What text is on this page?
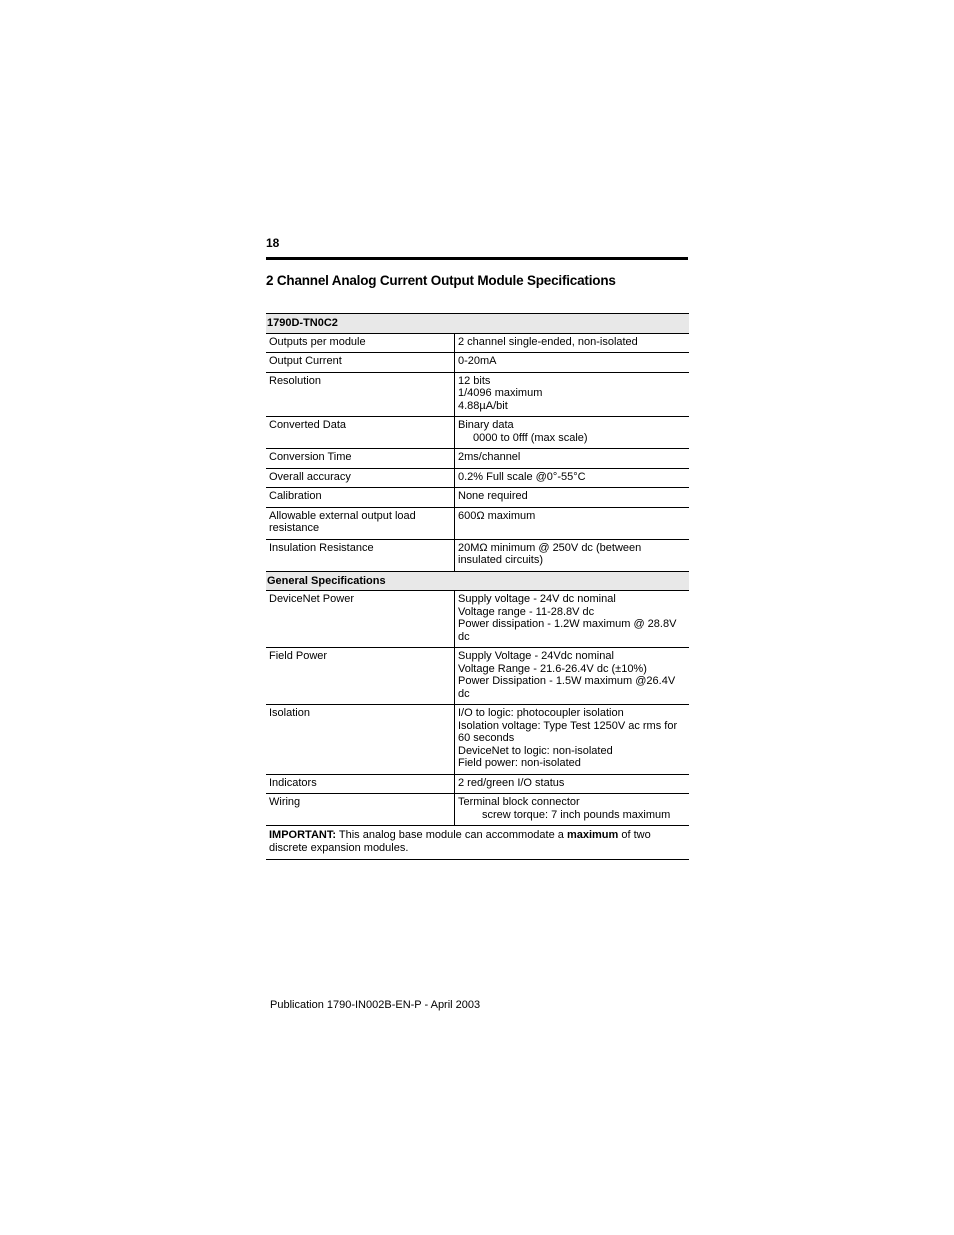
18
2 Channel Analog Current Output Module Specifications
1790D-TN0C2	
Outputs per module	2 channel single-ended, non-isolated

Output Current	0-20mA

Resolution	12 bits
1/4096 maximum
4.88µA/bit

Converted Data	Binary data
0000 to 0fff (max scale)

Conversion Time	2ms/channel

Overall accuracy	0.2% Full scale @0°-55°C

Calibration	None required

Allowable external output load resistance	600Ω maximum

Insulation Resistance	20MΩ minimum @ 250V dc (between insulated circuits)

General Specifications	
DeviceNet Power	Supply voltage - 24V dc nominal
Voltage range - 11-28.8V dc
Power dissipation - 1.2W maximum @ 28.8V dc

Field Power	Supply Voltage - 24Vdc nominal
Voltage Range - 21.6-26.4V dc (±10%)
Power Dissipation - 1.5W maximum @26.4V dc

Isolation	I/O to logic: photocoupler isolation
Isolation voltage: Type Test 1250V ac rms for 60 seconds
DeviceNet to logic: non-isolated
Field power: non-isolated

Indicators	2 red/green I/O status

Wiring	Terminal block connector
screw torque: 7 inch pounds maximum

IMPORTANT: This analog base module can accommodate a maximum of two discrete expansion modules.	
Publication 1790-IN002B-EN-P - April 2003
